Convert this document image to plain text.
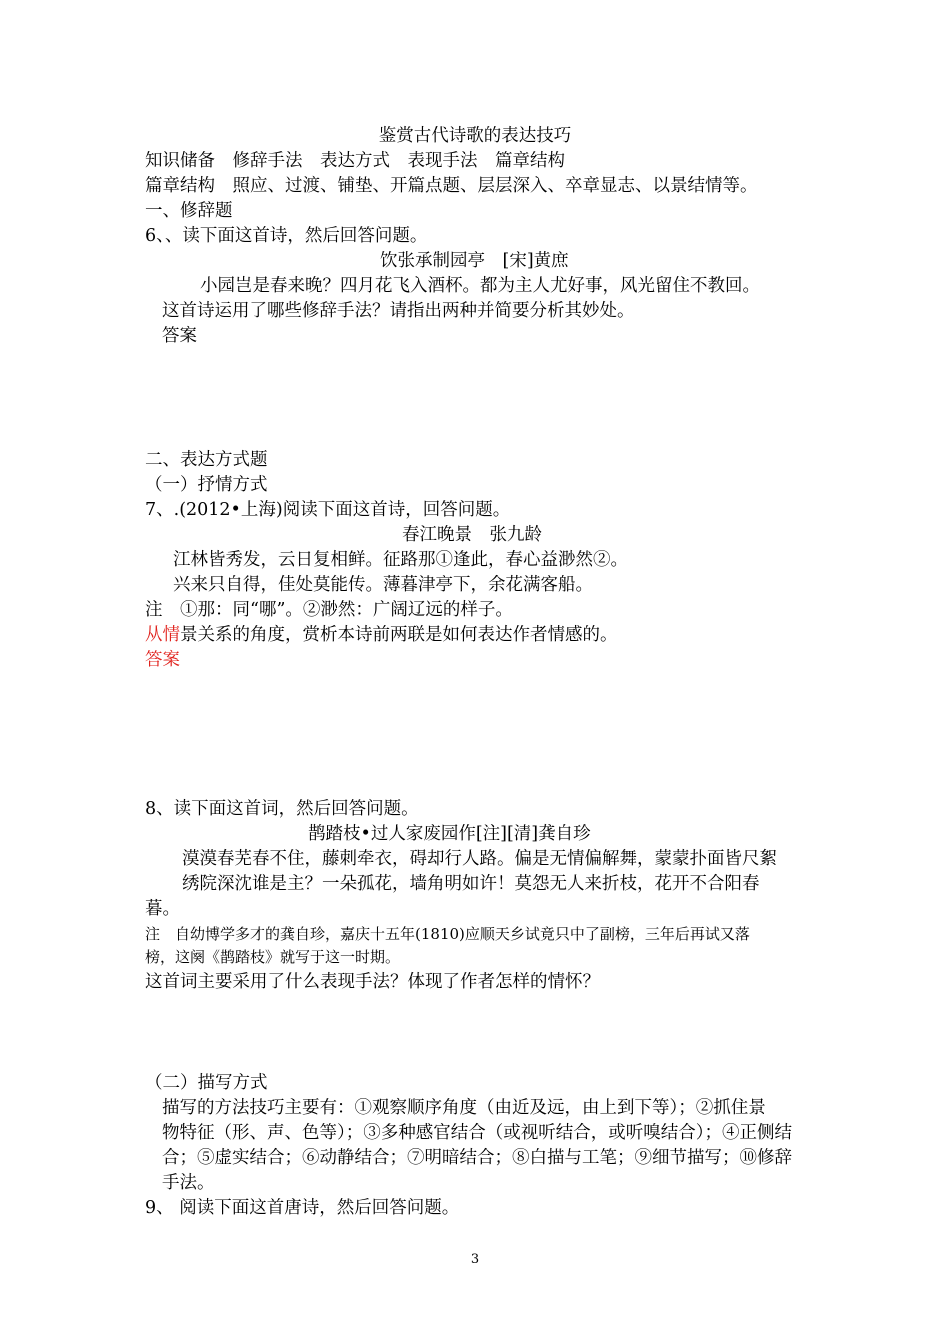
鉴赏古代诗歌的表达技巧
知识储备　修辞手法　表达方式　表现手法　篇章结构
篇章结构　照应、过渡、铺垫、开篇点题、层层深入、卒章显志、以景结情等。
一、修辞题
6、、读下面这首诗，然后回答问题。
饮张承制园亭　[宋]黄庶
小园岂是春来晚？四月花飞入酒杯。都为主人尤好事，风光留住不教回。
这首诗运用了哪些修辞手法？请指出两种并简要分析其妙处。
答案
二、表达方式题
（一）抒情方式
7、.(2012•上海)阅读下面这首诗，回答问题。
春江晚景　张九龄
江林皆秀发，云日复相鲜。征路那①逢此，春心益渺然②。
兴来只自得，佳处莫能传。薄暮津亭下，余花满客船。
注　①那：同“哪”。②渺然：广阔辽远的样子。
从情景关系的角度，赏析本诗前两联是如何表达作者情感的。
答案
8、读下面这首词，然后回答问题。
鹊踏枝•过人家废园作[注][清]龚自珍
漠漠春芜春不住，藤刺牵衣，碍却行人路。偏是无情偏解舞，蒙蒙扑面皆尺絮
绣院深沈谁是主？一朵孤花，墙角明如许！莫怨无人来折枝，花开不合阳春
暮。
注　自幼博学多才的龚自珍，嘉庆十五年(1810)应顺天乡试竟只中了副榜，三年后再试又落
榜，这阕《鹊踏枝》就写于这一时期。
这首词主要采用了什么表现手法？体现了作者怎样的情怀？
（二）描写方式
描写的方法技巧主要有：①观察顺序角度（由近及远，由上到下等）；②抓住景
物特征（形、声、色等）；③多种感官结合（或视听结合，或听嗅结合）；④正侧结
合；⑤虚实结合；⑥动静结合；⑦明暗结合；⑧白描与工笔；⑨细节描写；⑩修辞
手法。
9、 阅读下面这首唐诗，然后回答问题。
3
